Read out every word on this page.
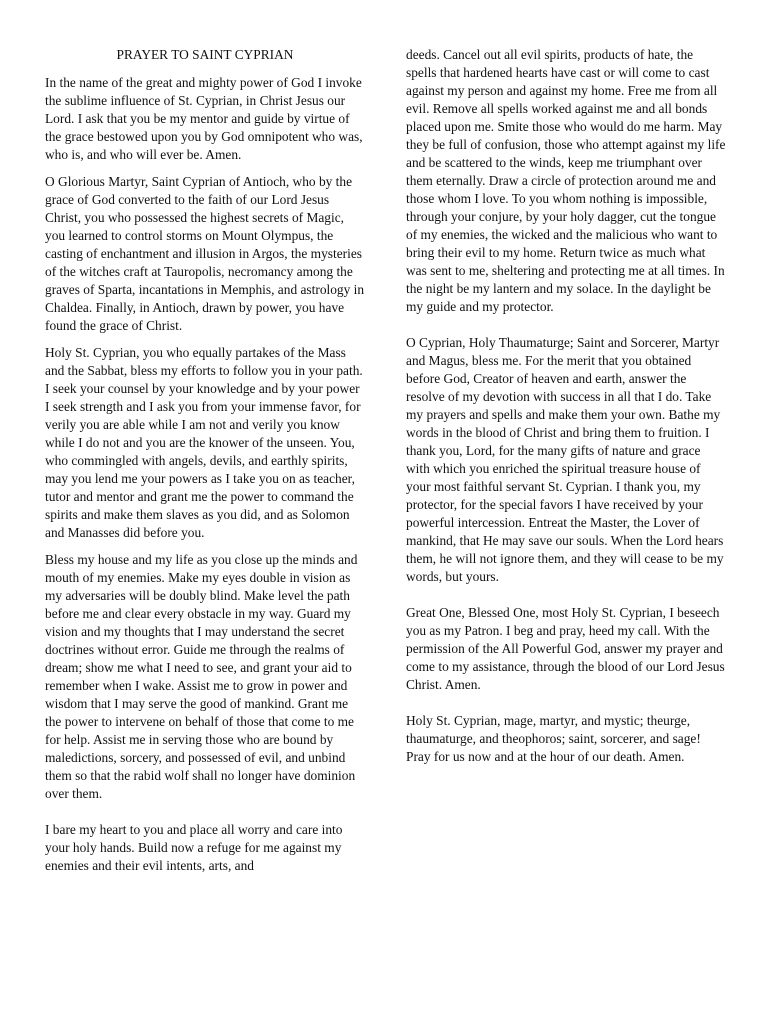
PRAYER TO SAINT CYPRIAN

In the name of the great and mighty power of God I invoke the sublime influence of St. Cyprian, in Christ Jesus our Lord. I ask that you be my mentor and guide by virtue of the grace bestowed upon you by God omnipotent who was, who is, and who will ever be. Amen.

O Glorious Martyr, Saint Cyprian of Antioch, who by the grace of God converted to the faith of our Lord Jesus Christ, you who possessed the highest secrets of Magic, you learned to control storms on Mount Olympus, the casting of enchantment and illusion in Argos, the mysteries of the witches craft at Tauropolis, necromancy among the graves of Sparta, incantations in Memphis, and astrology in Chaldea. Finally, in Antioch, drawn by power, you have found the grace of Christ.

Holy St. Cyprian, you who equally partakes of the Mass and the Sabbat, bless my efforts to follow you in your path. I seek your counsel by your knowledge and by your power I seek strength and I ask you from your immense favor, for verily you are able while I am not and verily you know while I do not and you are the knower of the unseen. You, who commingled with angels, devils, and earthly spirits, may you lend me your powers as I take you on as teacher, tutor and mentor and grant me the power to command the spirits and make them slaves as you did, and as Solomon and Manasses did before you.

Bless my house and my life as you close up the minds and mouth of my enemies. Make my eyes double in vision as my adversaries will be doubly blind. Make level the path before me and clear every obstacle in my way. Guard my vision and my thoughts that I may understand the secret doctrines without error. Guide me through the realms of dream; show me what I need to see, and grant your aid to remember when I wake. Assist me to grow in power and wisdom that I may serve the good of mankind. Grant me the power to intervene on behalf of those that come to me for help. Assist me in serving those who are bound by maledictions, sorcery, and possessed of evil, and unbind them so that the rabid wolf shall no longer have dominion over them.

I bare my heart to you and place all worry and care into your holy hands. Build now a refuge for me against my enemies and their evil intents, arts, and

deeds. Cancel out all evil spirits, products of hate, the spells that hardened hearts have cast or will come to cast against my person and against my home. Free me from all evil. Remove all spells worked against me and all bonds placed upon me. Smite those who would do me harm. May they be full of confusion, those who attempt against my life and be scattered to the winds, keep me triumphant over them eternally. Draw a circle of protection around me and those whom I love. To you whom nothing is impossible, through your conjure, by your holy dagger, cut the tongue of my enemies, the wicked and the malicious who want to bring their evil to my home. Return twice as much what was sent to me, sheltering and protecting me at all times. In the night be my lantern and my solace. In the daylight be my guide and my protector.

O Cyprian, Holy Thaumaturge; Saint and Sorcerer, Martyr and Magus, bless me. For the merit that you obtained before God, Creator of heaven and earth, answer the resolve of my devotion with success in all that I do. Take my prayers and spells and make them your own. Bathe my words in the blood of Christ and bring them to fruition. I thank you, Lord, for the many gifts of nature and grace with which you enriched the spiritual treasure house of your most faithful servant St. Cyprian. I thank you, my protector, for the special favors I have received by your powerful intercession. Entreat the Master, the Lover of mankind, that He may save our souls. When the Lord hears them, he will not ignore them, and they will cease to be my words, but yours.

Great One, Blessed One, most Holy St. Cyprian, I beseech you as my Patron. I beg and pray, heed my call. With the permission of the All Powerful God, answer my prayer and come to my assistance, through the blood of our Lord Jesus Christ. Amen.

Holy St. Cyprian, mage, martyr, and mystic; theurge, thaumaturge, and theophoros; saint, sorcerer, and sage! Pray for us now and at the hour of our death. Amen.
